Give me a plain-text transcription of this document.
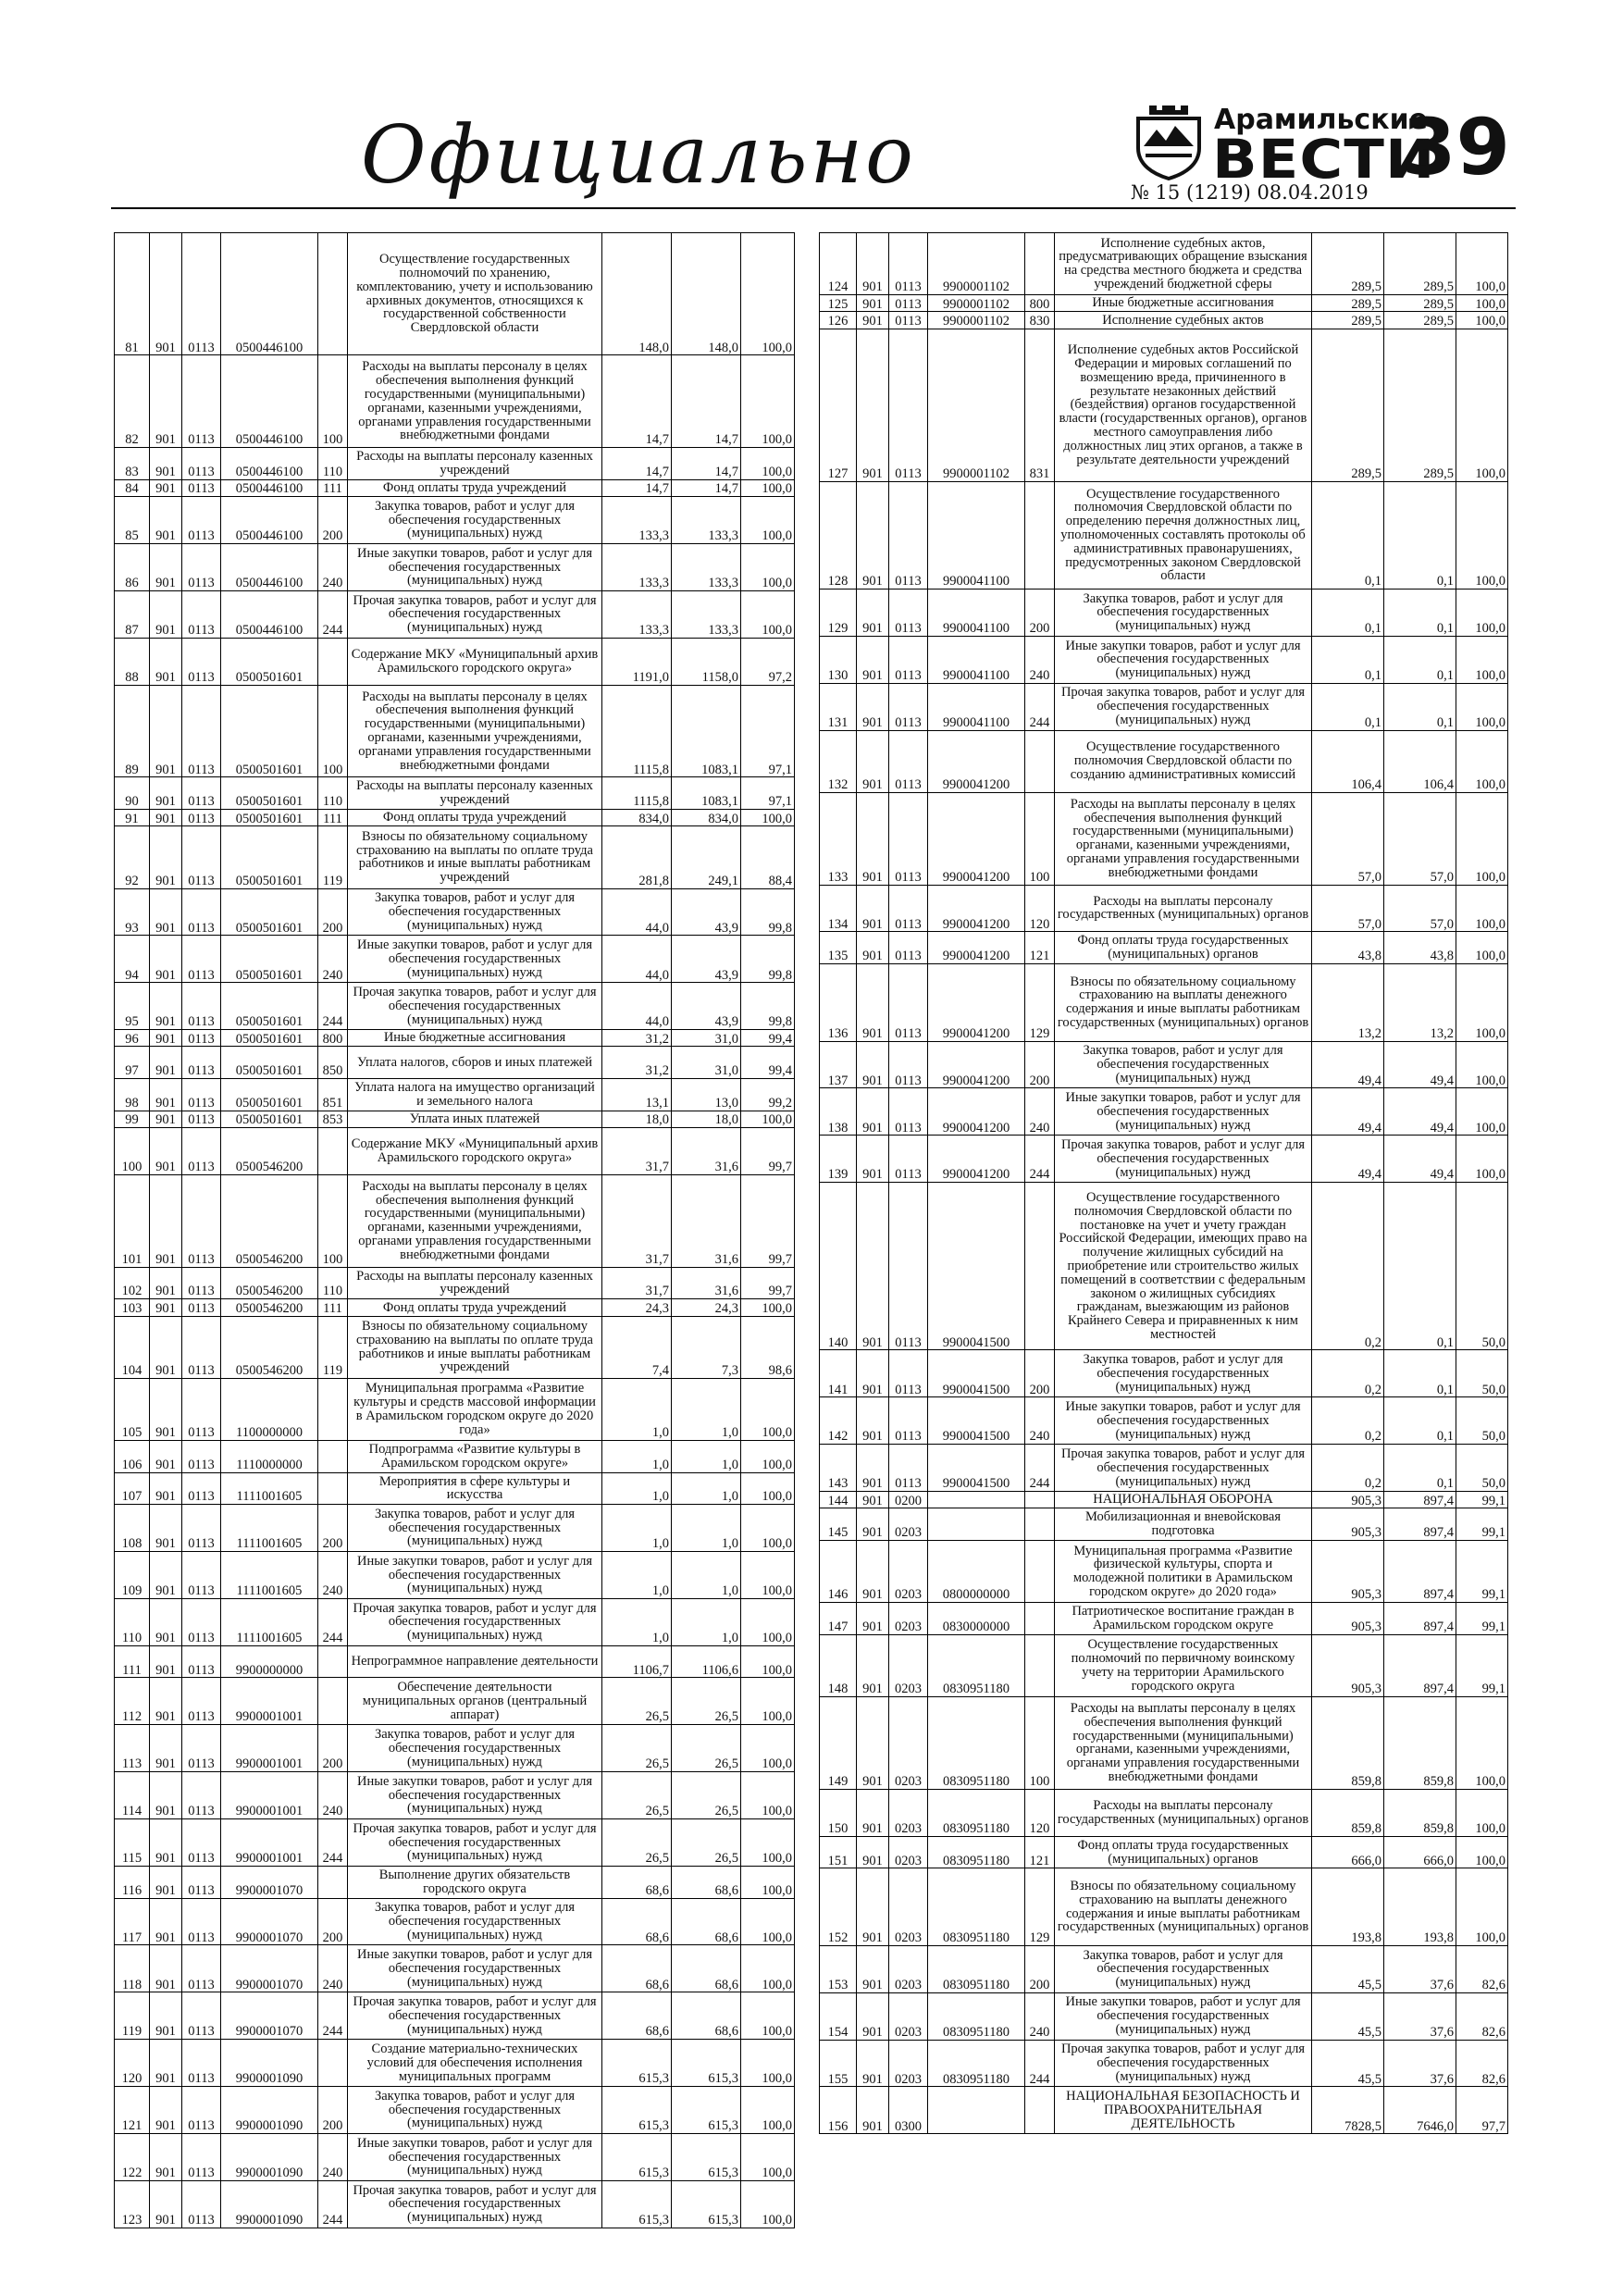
Официально	Арамильские
ВЕСТИ
№ 15 (1219) 08.04.2019 39
81	901	0113	0500446100		Осуществление государственных полномочий по хранению, комплектованию, учету и использованию архивных документов, относящихся к государственной собственности Свердловской области	148,0	148,0	100,0
82	901	0113	0500446100	100	Расходы на выплаты персоналу в целях обеспечения выполнения функций государственными (муниципальными) органами, казенными учреждениями, органами управления государственными внебюджетными фондами	14,7	14,7	100,0
83	901	0113	0500446100	110	Расходы на выплаты персоналу казенных учреждений	14,7	14,7	100,0
84	901	0113	0500446100	111	Фонд оплаты труда учреждений	14,7	14,7	100,0
85	901	0113	0500446100	200	Закупка товаров, работ и услуг для обеспечения государственных (муниципальных) нужд	133,3	133,3	100,0
86	901	0113	0500446100	240	Иные закупки товаров, работ и услуг для обеспечения государственных (муниципальных) нужд	133,3	133,3	100,0
87	901	0113	0500446100	244	Прочая закупка товаров, работ и услуг для обеспечения государственных (муниципальных) нужд	133,3	133,3	100,0
88	901	0113	0500501601		Содержание МКУ «Муниципальный архив Арамильского городского округа»	1191,0	1158,0	97,2
89	901	0113	0500501601	100	Расходы на выплаты персоналу в целях обеспечения выполнения функций государственными (муниципальными) органами, казенными учреждениями, органами управления государственными внебюджетными фондами	1115,8	1083,1	97,1
90	901	0113	0500501601	110	Расходы на выплаты персоналу казенных учреждений	1115,8	1083,1	97,1
91	901	0113	0500501601	111	Фонд оплаты труда учреждений	834,0	834,0	100,0
92	901	0113	0500501601	119	Взносы по обязательному социальному страхованию на выплаты по оплате труда работников и иные выплаты работникам учреждений	281,8	249,1	88,4
93	901	0113	0500501601	200	Закупка товаров, работ и услуг для обеспечения государственных (муниципальных) нужд	44,0	43,9	99,8
94	901	0113	0500501601	240	Иные закупки товаров, работ и услуг для обеспечения государственных (муниципальных) нужд	44,0	43,9	99,8
95	901	0113	0500501601	244	Прочая закупка товаров, работ и услуг для обеспечения государственных (муниципальных) нужд	44,0	43,9	99,8
96	901	0113	0500501601	800	Иные бюджетные ассигнования	31,2	31,0	99,4
97	901	0113	0500501601	850	Уплата налогов, сборов и иных платежей	31,2	31,0	99,4
98	901	0113	0500501601	851	Уплата налога на имущество организаций и земельного налога	13,1	13,0	99,2
99	901	0113	0500501601	853	Уплата иных платежей	18,0	18,0	100,0
100	901	0113	0500546200		Содержание МКУ «Муниципальный архив Арамильского городского округа»	31,7	31,6	99,7
101	901	0113	0500546200	100	Расходы на выплаты персоналу в целях обеспечения выполнения функций государственными (муниципальными) органами, казенными учреждениями, органами управления государственными внебюджетными фондами	31,7	31,6	99,7
102	901	0113	0500546200	110	Расходы на выплаты персоналу казенных учреждений	31,7	31,6	99,7
103	901	0113	0500546200	111	Фонд оплаты труда учреждений	24,3	24,3	100,0
104	901	0113	0500546200	119	Взносы по обязательному социальному страхованию на выплаты по оплате труда работников и иные выплаты работникам учреждений	7,4	7,3	98,6
105	901	0113	1100000000		Муниципальная программа «Развитие культуры и средств массовой информации в Арамильском городском округе до 2020 года»	1,0	1,0	100,0
106	901	0113	1110000000		Подпрограмма «Развитие культуры в Арамильском городском округе»	1,0	1,0	100,0
107	901	0113	1111001605		Мероприятия в сфере культуры и искусства	1,0	1,0	100,0
108	901	0113	1111001605	200	Закупка товаров, работ и услуг для обеспечения государственных (муниципальных) нужд	1,0	1,0	100,0
109	901	0113	1111001605	240	Иные закупки товаров, работ и услуг для обеспечения государственных (муниципальных) нужд	1,0	1,0	100,0
110	901	0113	1111001605	244	Прочая закупка товаров, работ и услуг для обеспечения государственных (муниципальных) нужд	1,0	1,0	100,0
111	901	0113	9900000000		Непрограммное направление деятельности	1106,7	1106,6	100,0
112	901	0113	9900001001		Обеспечение деятельности муниципальных органов (центральный аппарат)	26,5	26,5	100,0
113	901	0113	9900001001	200	Закупка товаров, работ и услуг для обеспечения государственных (муниципальных) нужд	26,5	26,5	100,0
114	901	0113	9900001001	240	Иные закупки товаров, работ и услуг для обеспечения государственных (муниципальных) нужд	26,5	26,5	100,0
115	901	0113	9900001001	244	Прочая закупка товаров, работ и услуг для обеспечения государственных (муниципальных) нужд	26,5	26,5	100,0
116	901	0113	9900001070		Выполнение других обязательств городского округа	68,6	68,6	100,0
117	901	0113	9900001070	200	Закупка товаров, работ и услуг для обеспечения государственных (муниципальных) нужд	68,6	68,6	100,0
118	901	0113	9900001070	240	Иные закупки товаров, работ и услуг для обеспечения государственных (муниципальных) нужд	68,6	68,6	100,0
119	901	0113	9900001070	244	Прочая закупка товаров, работ и услуг для обеспечения государственных (муниципальных) нужд	68,6	68,6	100,0
120	901	0113	9900001090		Создание материально-технических условий для обеспечения исполнения муниципальных программ	615,3	615,3	100,0
121	901	0113	9900001090	200	Закупка товаров, работ и услуг для обеспечения государственных (муниципальных) нужд	615,3	615,3	100,0
122	901	0113	9900001090	240	Иные закупки товаров, работ и услуг для обеспечения государственных (муниципальных) нужд	615,3	615,3	100,0
123	901	0113	9900001090	244	Прочая закупка товаров, работ и услуг для обеспечения государственных (муниципальных) нужд	615,3	615,3	100,0
124	901	0113	9900001102		Исполнение судебных актов, предусматривающих обращение взыскания на средства местного бюджета и средства учреждений бюджетной сферы	289,5	289,5	100,0
125	901	0113	9900001102	800	Иные бюджетные ассигнования	289,5	289,5	100,0
126	901	0113	9900001102	830	Исполнение судебных актов	289,5	289,5	100,0
127	901	0113	9900001102	831	Исполнение судебных актов Российской Федерации и мировых соглашений по возмещению вреда, причиненного в результате незаконных действий (бездействия) органов государственной власти (государственных органов), органов местного самоуправления либо должностных лиц этих органов, а также в результате деятельности учреждений	289,5	289,5	100,0
128	901	0113	9900041100		Осуществление государственного полномочия Свердловской области по определению перечня должностных лиц, уполномоченных составлять протоколы об административных правонарушениях, предусмотренных законом Свердловской области	0,1	0,1	100,0
129	901	0113	9900041100	200	Закупка товаров, работ и услуг для обеспечения государственных (муниципальных) нужд	0,1	0,1	100,0
130	901	0113	9900041100	240	Иные закупки товаров, работ и услуг для обеспечения государственных (муниципальных) нужд	0,1	0,1	100,0
131	901	0113	9900041100	244	Прочая закупка товаров, работ и услуг для обеспечения государственных (муниципальных) нужд	0,1	0,1	100,0
132	901	0113	9900041200		Осуществление государственного полномочия Свердловской области по созданию административных комиссий	106,4	106,4	100,0
133	901	0113	9900041200	100	Расходы на выплаты персоналу в целях обеспечения выполнения функций государственными (муниципальными) органами, казенными учреждениями, органами управления государственными внебюджетными фондами	57,0	57,0	100,0
134	901	0113	9900041200	120	Расходы на выплаты персоналу государственных (муниципальных) органов	57,0	57,0	100,0
135	901	0113	9900041200	121	Фонд оплаты труда государственных (муниципальных) органов	43,8	43,8	100,0
136	901	0113	9900041200	129	Взносы по обязательному социальному страхованию на выплаты денежного содержания и иные выплаты работникам государственных (муниципальных) органов	13,2	13,2	100,0
137	901	0113	9900041200	200	Закупка товаров, работ и услуг для обеспечения государственных (муниципальных) нужд	49,4	49,4	100,0
138	901	0113	9900041200	240	Иные закупки товаров, работ и услуг для обеспечения государственных (муниципальных) нужд	49,4	49,4	100,0
139	901	0113	9900041200	244	Прочая закупка товаров, работ и услуг для обеспечения государственных (муниципальных) нужд	49,4	49,4	100,0
140	901	0113	9900041500		Осуществление государственного полномочия Свердловской области по постановке на учет и учету граждан Российской Федерации, имеющих право на получение жилищных субсидий на приобретение или строительство жилых помещений в соответствии с федеральным законом о жилищных субсидиях гражданам, выезжающим из районов Крайнего Севера и приравненных к ним местностей	0,2	0,1	50,0
141	901	0113	9900041500	200	Закупка товаров, работ и услуг для обеспечения государственных (муниципальных) нужд	0,2	0,1	50,0
142	901	0113	9900041500	240	Иные закупки товаров, работ и услуг для обеспечения государственных (муниципальных) нужд	0,2	0,1	50,0
143	901	0113	9900041500	244	Прочая закупка товаров, работ и услуг для обеспечения государственных (муниципальных) нужд	0,2	0,1	50,0
144	901	0200			НАЦИОНАЛЬНАЯ ОБОРОНА	905,3	897,4	99,1
145	901	0203			Мобилизационная и вневойсковая подготовка	905,3	897,4	99,1
146	901	0203	0800000000		Муниципальная программа «Развитие физической культуры, спорта и молодежной политики в Арамильском городском округе» до 2020 года»	905,3	897,4	99,1
147	901	0203	0830000000		Патриотическое воспитание граждан в Арамильском городском округе	905,3	897,4	99,1
148	901	0203	0830951180		Осуществление государственных полномочий по первичному воинскому учету на территории Арамильского городского округа	905,3	897,4	99,1
149	901	0203	0830951180	100	Расходы на выплаты персоналу в целях обеспечения выполнения функций государственными (муниципальными) органами, казенными учреждениями, органами управления государственными внебюджетными фондами	859,8	859,8	100,0
150	901	0203	0830951180	120	Расходы на выплаты персоналу государственных (муниципальных) органов	859,8	859,8	100,0
151	901	0203	0830951180	121	Фонд оплаты труда государственных (муниципальных) органов	666,0	666,0	100,0
152	901	0203	0830951180	129	Взносы по обязательному социальному страхованию на выплаты денежного содержания и иные выплаты работникам государственных (муниципальных) органов	193,8	193,8	100,0
153	901	0203	0830951180	200	Закупка товаров, работ и услуг для обеспечения государственных (муниципальных) нужд	45,5	37,6	82,6
154	901	0203	0830951180	240	Иные закупки товаров, работ и услуг для обеспечения государственных (муниципальных) нужд	45,5	37,6	82,6
155	901	0203	0830951180	244	Прочая закупка товаров, работ и услуг для обеспечения государственных (муниципальных) нужд	45,5	37,6	82,6
156	901	0300			НАЦИОНАЛЬНАЯ БЕЗОПАСНОСТЬ И ПРАВООХРАНИТЕЛЬНАЯ ДЕЯТЕЛЬНОСТЬ	7828,5	7646,0	97,7
